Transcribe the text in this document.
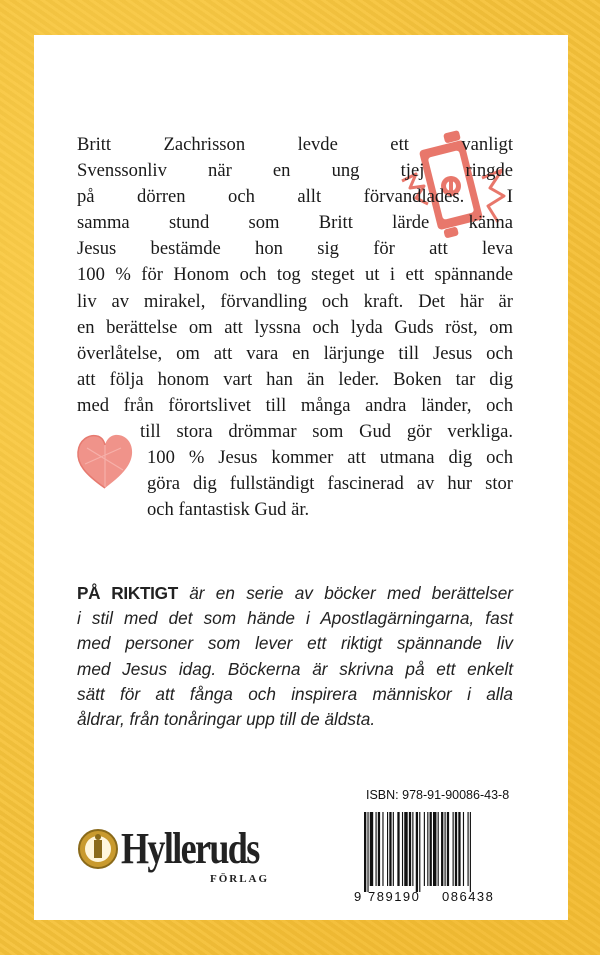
Britt Zachrisson levde ett vanligt
Svenssonliv när en ung tjej ringde
på dörren och allt förvandlades. I
samma stund som Britt lärde känna
Jesus bestämde hon sig för att leva
100 % för Honom och tog steget ut i ett spännande
liv av mirakel, förvandling och kraft. Det här är
en berättelse om att lyssna och lyda Guds röst, om
överlåtelse, om att vara en lärjunge till Jesus och
att följa honom vart han än leder. Boken tar dig
med från förortslivet till många andra länder, och
till stora drömmar som Gud gör verkliga.
100 % Jesus kommer att utmana dig och
göra dig fullständigt fascinerad av hur stor
och fantastisk Gud är.
PÅ RIKTIGT är en serie av böcker med berättelser
i stil med det som hände i Apostlagärningarna, fast
med personer som lever ett riktigt spännande liv
med Jesus idag. Böckerna är skrivna på ett enkelt
sätt för att fånga och inspirera människor i alla
åldrar, från tonåringar upp till de äldsta.
Hylleruds
FÖRLAG
ISBN: 978-91-90086-43-8
9 789190 086438
